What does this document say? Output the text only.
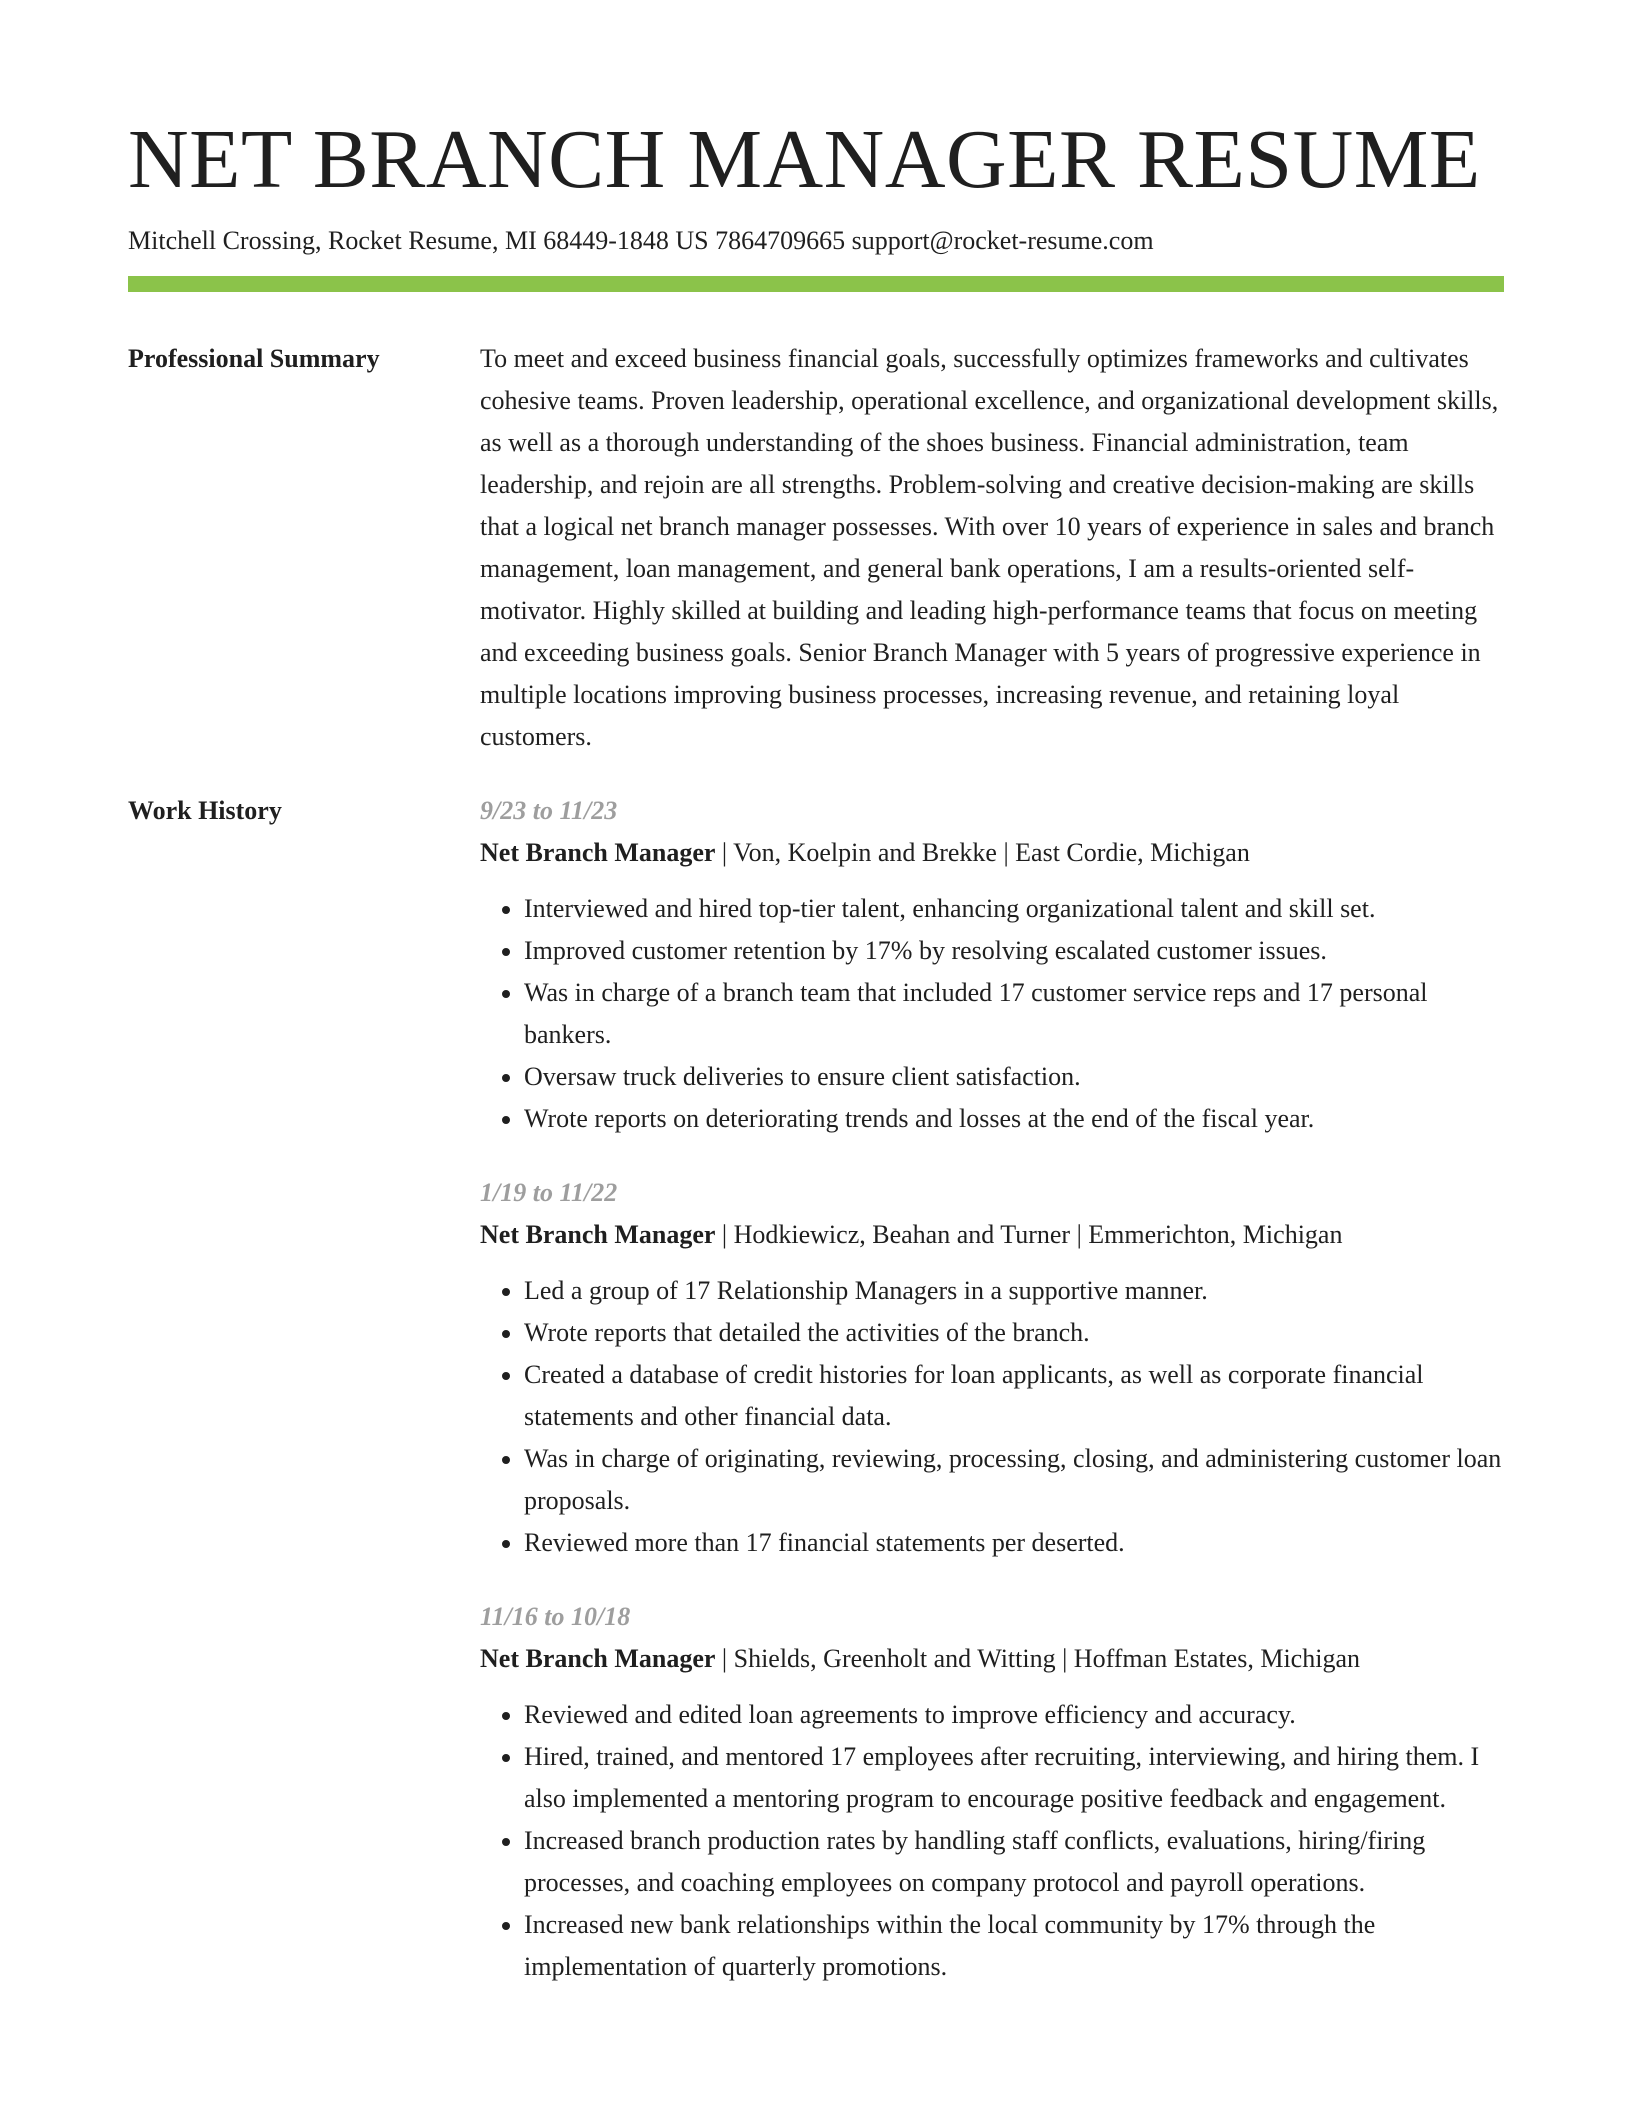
NET BRANCH MANAGER RESUME
Mitchell Crossing, Rocket Resume, MI 68449-1848 US 7864709665 support@rocket-resume.com
Professional Summary	To meet and exceed business financial goals, successfully optimizes frameworks and cultivates cohesive teams. Proven leadership, operational excellence, and organizational development skills, as well as a thorough understanding of the shoes business. Financial administration, team leadership, and rejoin are all strengths. Problem-solving and creative decision-making are skills that a logical net branch manager possesses. With over 10 years of experience in sales and branch management, loan management, and general bank operations, I am a results-oriented self-motivator. Highly skilled at building and leading high-performance teams that focus on meeting and exceeding business goals. Senior Branch Manager with 5 years of progressive experience in multiple locations improving business processes, increasing revenue, and retaining loyal customers.

Work History	9/23 to 11/23
Net Branch Manager | Von, Koelpin and Brekke | East Cordie, Michigan
• Interviewed and hired top-tier talent, enhancing organizational talent and skill set.
• Improved customer retention by 17% by resolving escalated customer issues.
• Was in charge of a branch team that included 17 customer service reps and 17 personal bankers.
• Oversaw truck deliveries to ensure client satisfaction.
• Wrote reports on deteriorating trends and losses at the end of the fiscal year.
1/19 to 11/22
Net Branch Manager | Hodkiewicz, Beahan and Turner | Emmerichton, Michigan
• Led a group of 17 Relationship Managers in a supportive manner.
• Wrote reports that detailed the activities of the branch.
• Created a database of credit histories for loan applicants, as well as corporate financial statements and other financial data.
• Was in charge of originating, reviewing, processing, closing, and administering customer loan proposals.
• Reviewed more than 17 financial statements per deserted.
11/16 to 10/18
Net Branch Manager | Shields, Greenholt and Witting | Hoffman Estates, Michigan
• Reviewed and edited loan agreements to improve efficiency and accuracy.
• Hired, trained, and mentored 17 employees after recruiting, interviewing, and hiring them. I also implemented a mentoring program to encourage positive feedback and engagement.
• Increased branch production rates by handling staff conflicts, evaluations, hiring/firing processes, and coaching employees on company protocol and payroll operations.
• Increased new bank relationships within the local community by 17% through the implementation of quarterly promotions.
